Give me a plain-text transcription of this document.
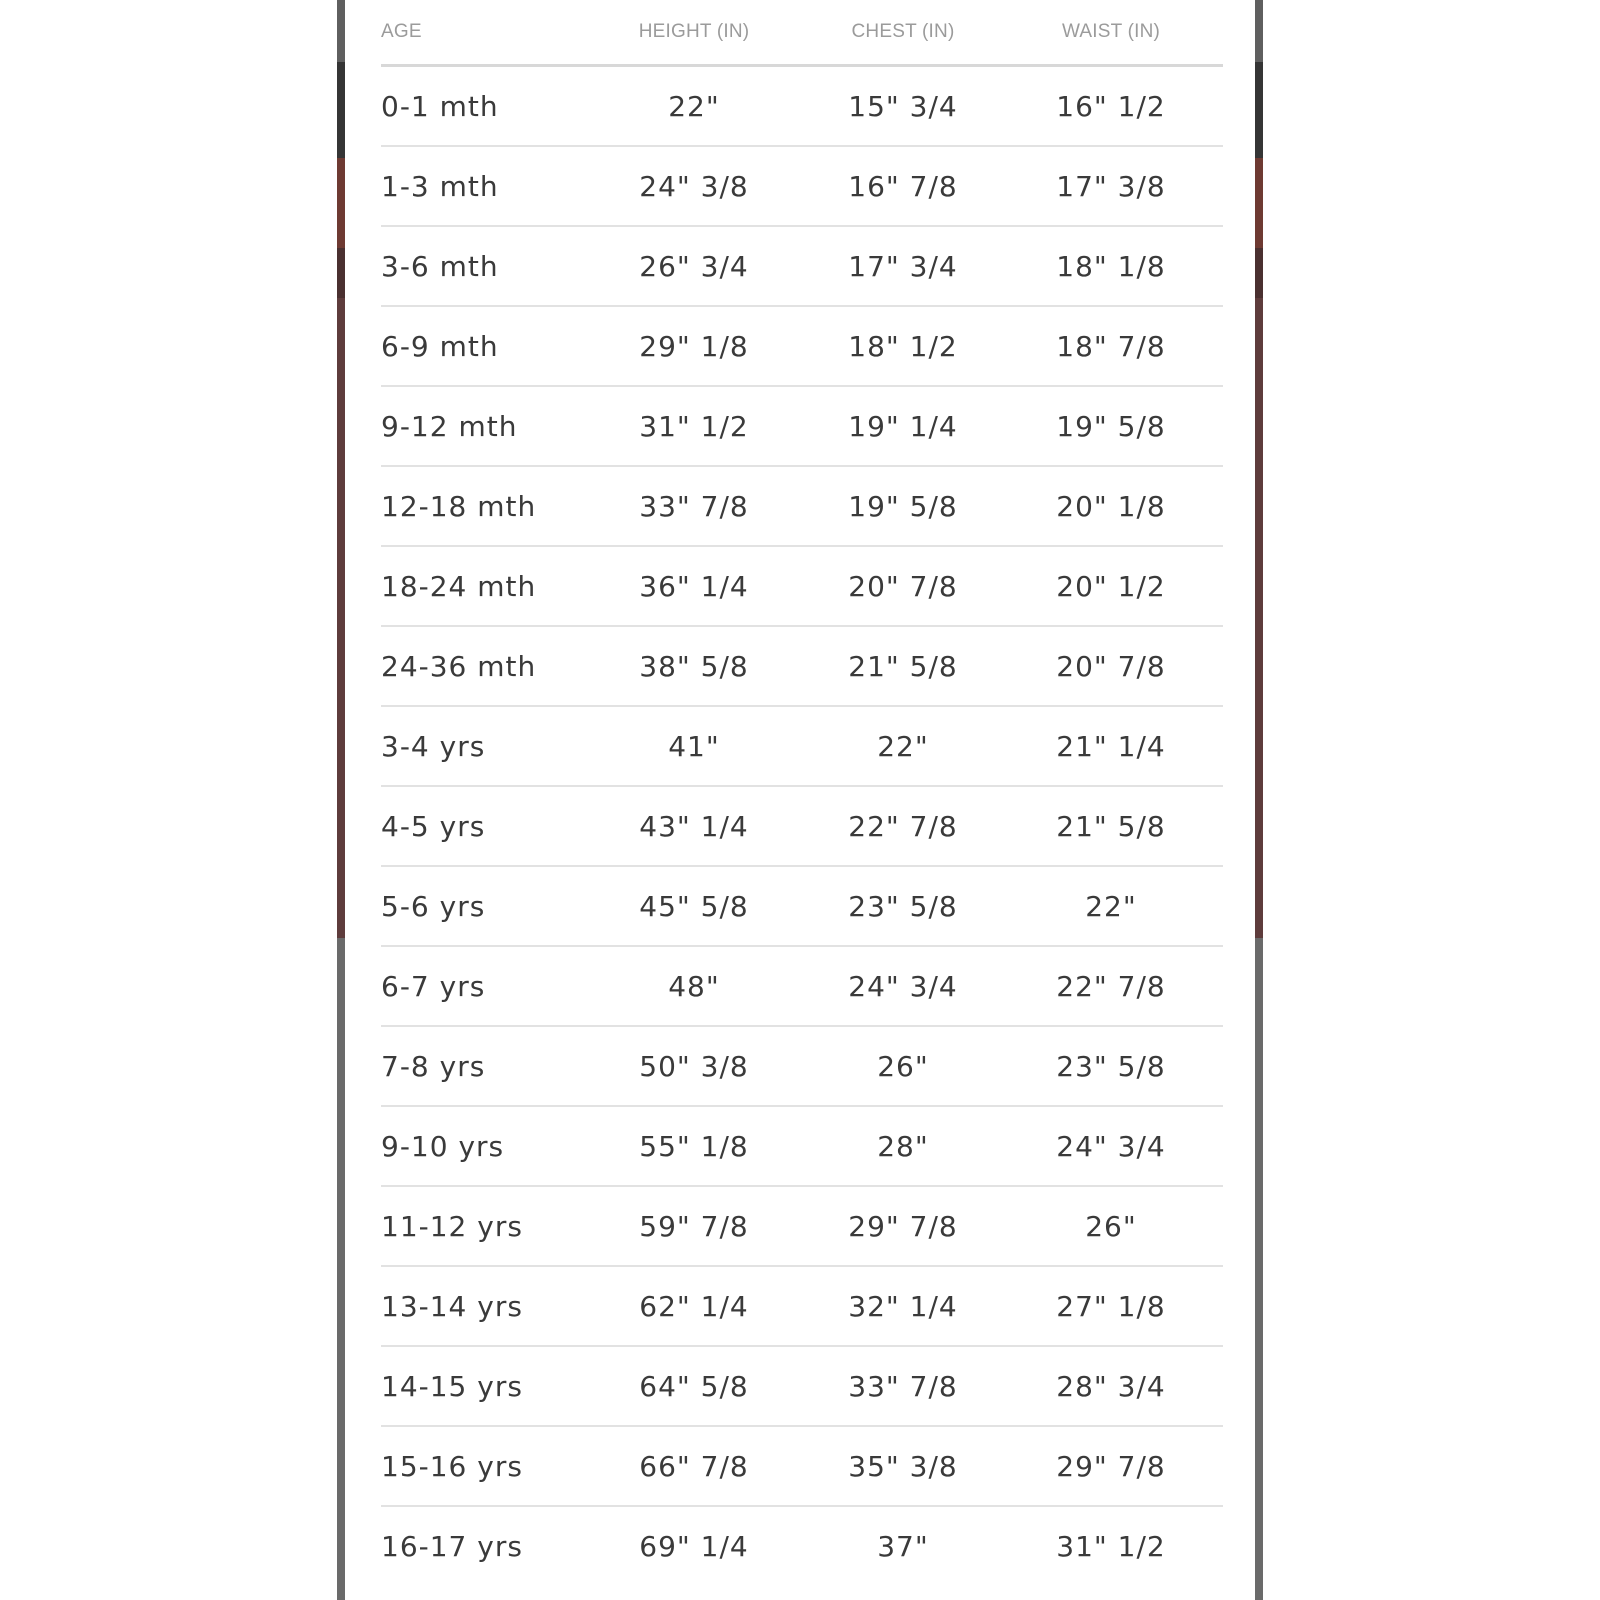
AGE	HEIGHT (IN)	CHEST (IN)	WAIST (IN)
0-1 mth	22"	15" 3/4	16" 1/2
1-3 mth	24" 3/8	16" 7/8	17" 3/8
3-6 mth	26" 3/4	17" 3/4	18" 1/8
6-9 mth	29" 1/8	18" 1/2	18" 7/8
9-12 mth	31" 1/2	19" 1/4	19" 5/8
12-18 mth	33" 7/8	19" 5/8	20" 1/8
18-24 mth	36" 1/4	20" 7/8	20" 1/2
24-36 mth	38" 5/8	21" 5/8	20" 7/8
3-4 yrs	41"	22"	21" 1/4
4-5 yrs	43" 1/4	22" 7/8	21" 5/8
5-6 yrs	45" 5/8	23" 5/8	22"
6-7 yrs	48"	24" 3/4	22" 7/8
7-8 yrs	50" 3/8	26"	23" 5/8
9-10 yrs	55" 1/8	28"	24" 3/4
11-12 yrs	59" 7/8	29" 7/8	26"
13-14 yrs	62" 1/4	32" 1/4	27" 1/8
14-15 yrs	64" 5/8	33" 7/8	28" 3/4
15-16 yrs	66" 7/8	35" 3/8	29" 7/8
16-17 yrs	69" 1/4	37"	31" 1/2
